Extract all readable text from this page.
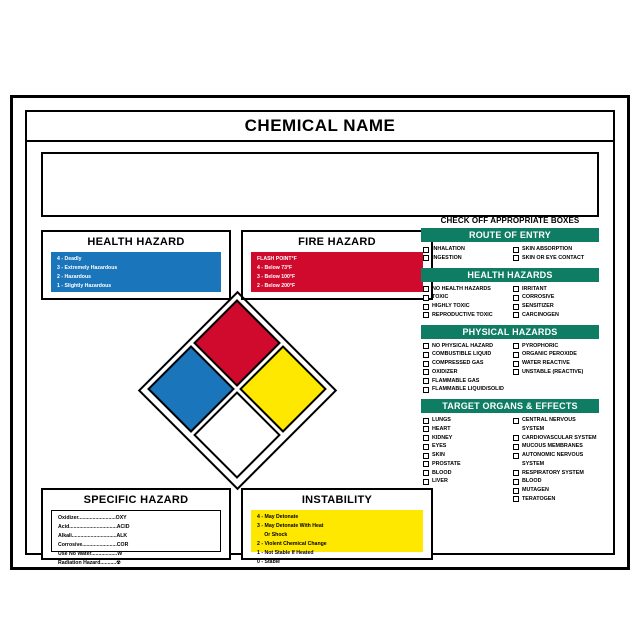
CHEMICAL NAME
HEALTH HAZARD
4 - Deadly
3 - Extremely Hazardous
2 - Hazardous
1 - Slightly Hazardous
0 - Normal
FIRE HAZARD
FLASH POINT°F
4 - Below 73°F
3 - Below 100°F
2 - Below 200°F
1 - Above 200°F
0 - Will Not Burn
SPECIFIC HAZARD
Oxidizer..........................OXY
Acid.................................ACID
Alkali...............................ALK
Corrosive........................COR
Use No Water..................W
Radiation Hazard...........☢
INSTABILITY
4 - May Detonate
3 - May Detonate With Heat
Or Shock
2 - Violent Chemical Change
1 - Not Stable If Heated
0 - Stable
CHECK OFF APPROPRIATE BOXES
ROUTE OF ENTRY
INHALATION
INGESTION
SKIN ABSORPTION
SKIN OR EYE CONTACT
HEALTH HAZARDS
NO HEALTH HAZARDS
TOXIC
HIGHLY TOXIC
REPRODUCTIVE TOXIC
IRRITANT
CORROSIVE
SENSITIZER
CARCINOGEN
PHYSICAL HAZARDS
NO PHYSICAL HAZARD
COMBUSTIBLE LIQUID
COMPRESSED GAS
OXIDIZER
FLAMMABLE GAS
FLAMMABLE LIQUID/SOLID
PYROPHORIC
ORGANIC PEROXIDE
WATER REACTIVE
UNSTABLE (REACTIVE)
TARGET ORGANS & EFFECTS
LUNGS
HEART
KIDNEY
EYES
SKIN
PROSTATE
BLOOD
LIVER
CENTRAL NERVOUS SYSTEM
CARDIOVASCULAR SYSTEM
MUCOUS MEMBRANES
AUTONOMIC NERVOUS SYSTEM
RESPIRATORY SYSTEM
BLOOD
MUTAGEN
TERATOGEN
